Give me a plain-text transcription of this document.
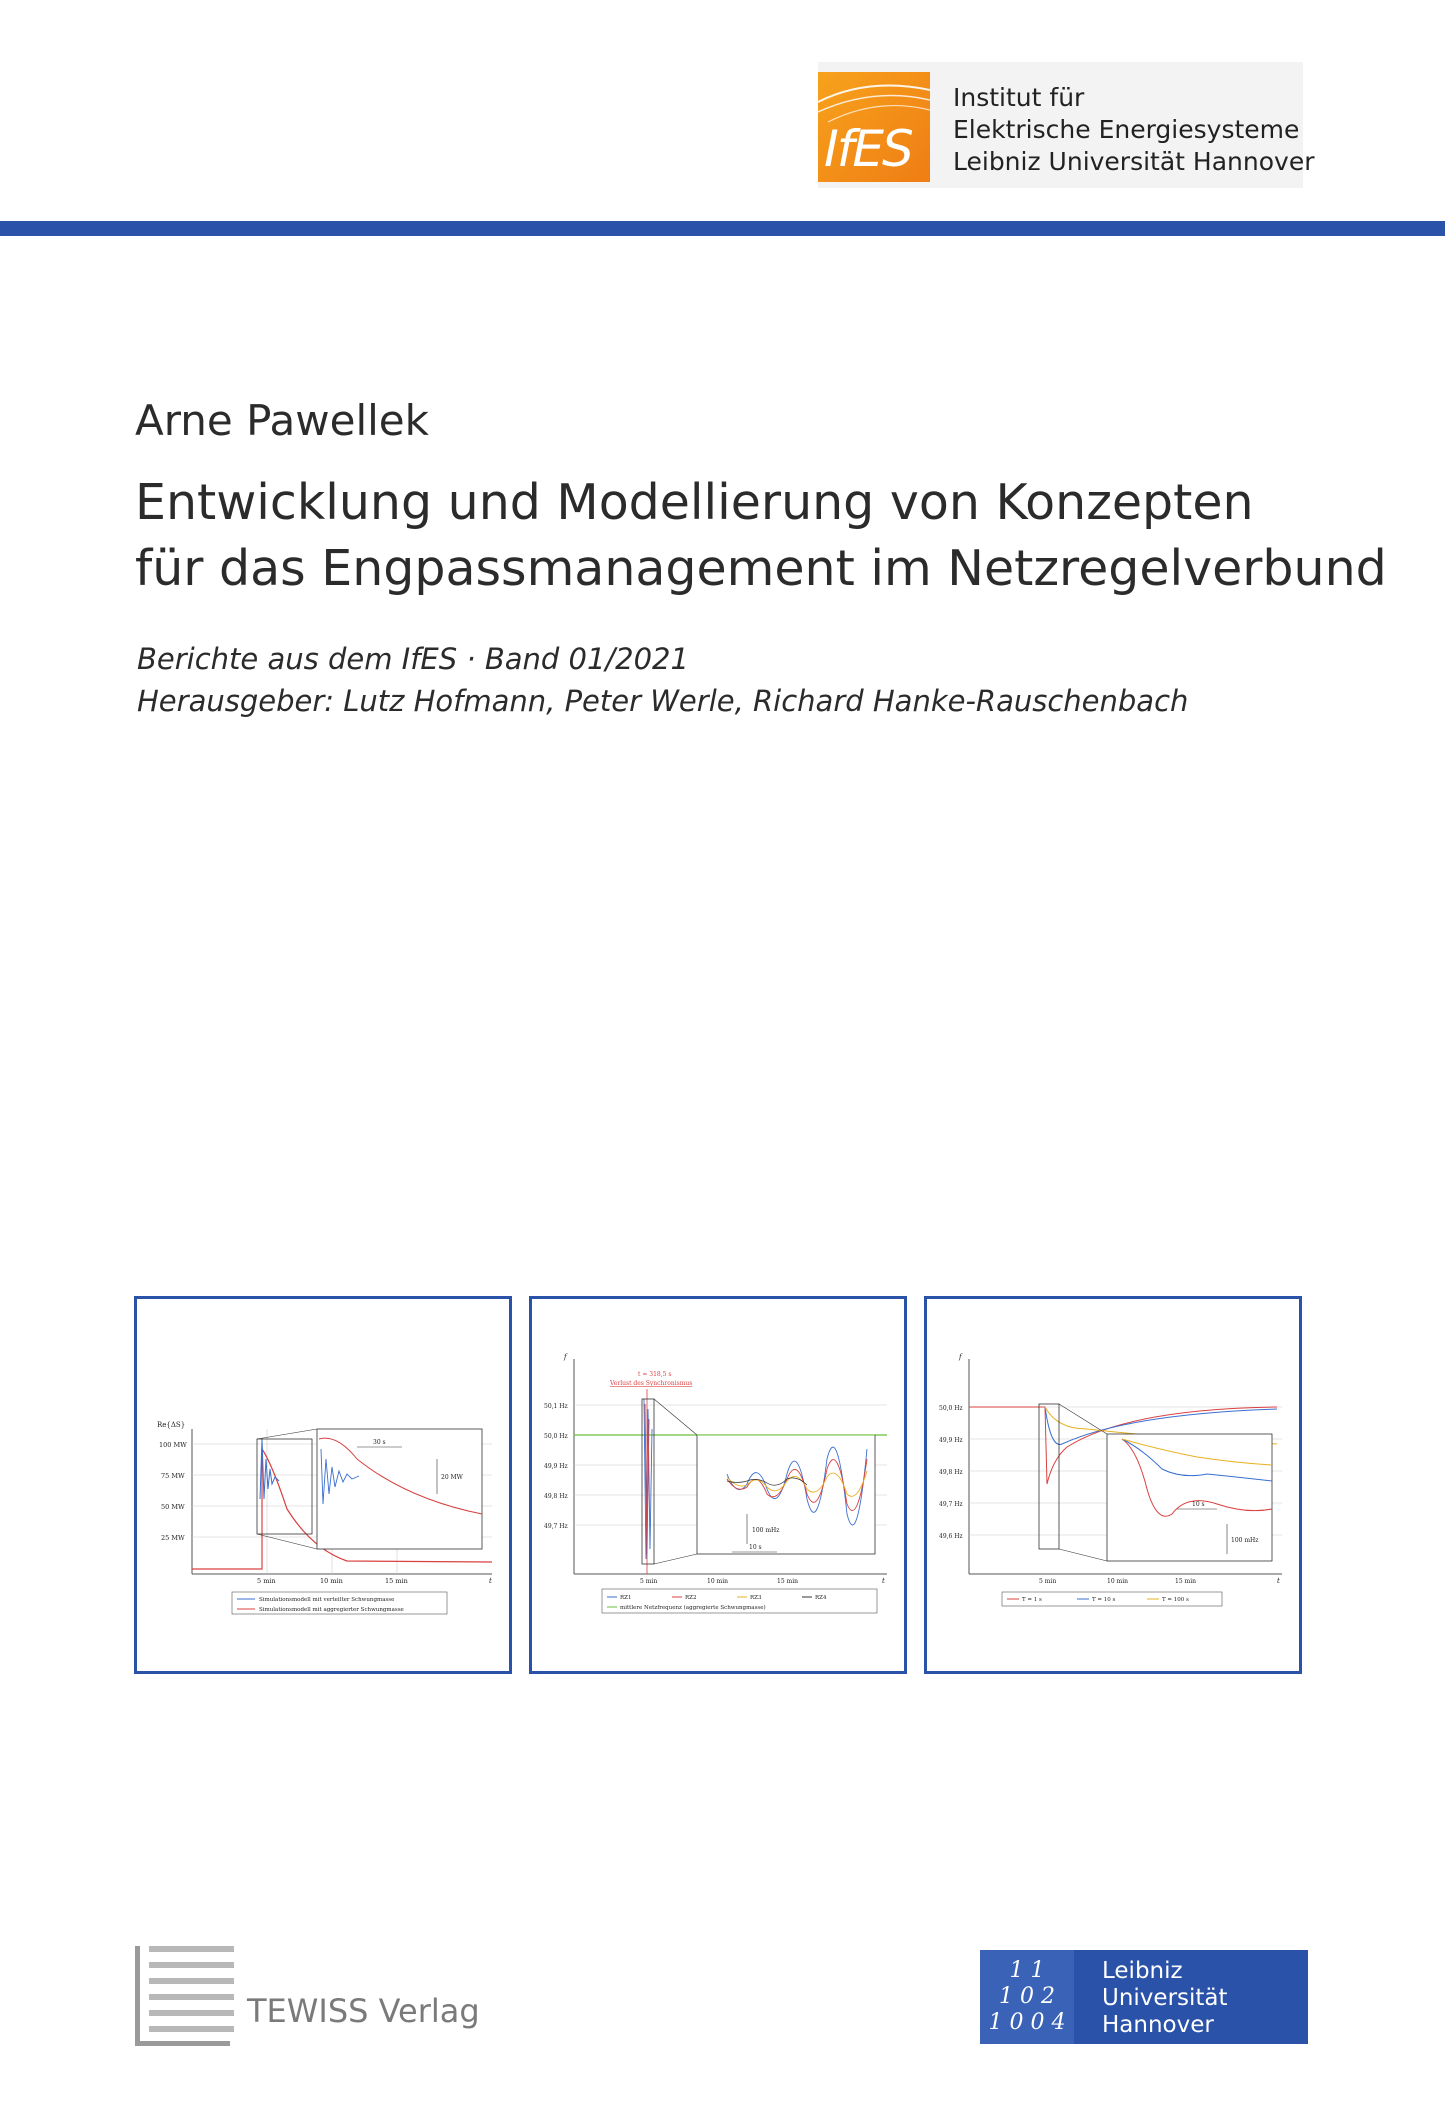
IfES
Institut für
Elektrische Energiesysteme
Leibniz Universität Hannover
Arne Pawellek
Entwicklung und Modellierung von Konzepten
für das Engpassmanagement im Netzregelverbund
Berichte aus dem IfES · Band 01/2021
Herausgeber: Lutz Hofmann, Peter Werle, Richard Hanke-Rauschenbach
Re{ΔS}
100 MW
75 MW
50 MW
25 MW
5 min	10 min	15 min	t
30 s
20 MW
Simulationsmodell mit verteilter Schwungmasse
Simulationsmodell mit aggregierter Schwungmasse
f
50,1 Hz
50,0 Hz
49,9 Hz
49,8 Hz
49,7 Hz
t = 318,5 s
Verlust des Synchronismus
100 mHz
10 s
5 min	10 min	15 min	t
RZ1	RZ2	RZ3	RZ4
mittlere Netzfrequenz (aggregierte Schwungmasse)
f
50,0 Hz
49,9 Hz
49,8 Hz
49,7 Hz
49,6 Hz
10 s
100 mHz
5 min	10 min	15 min	t
T = 1 s	T = 10 s	T = 100 s
TEWISS Verlag
1 1
1 0 2
1 0 0 4
Leibniz
Universität
Hannover
